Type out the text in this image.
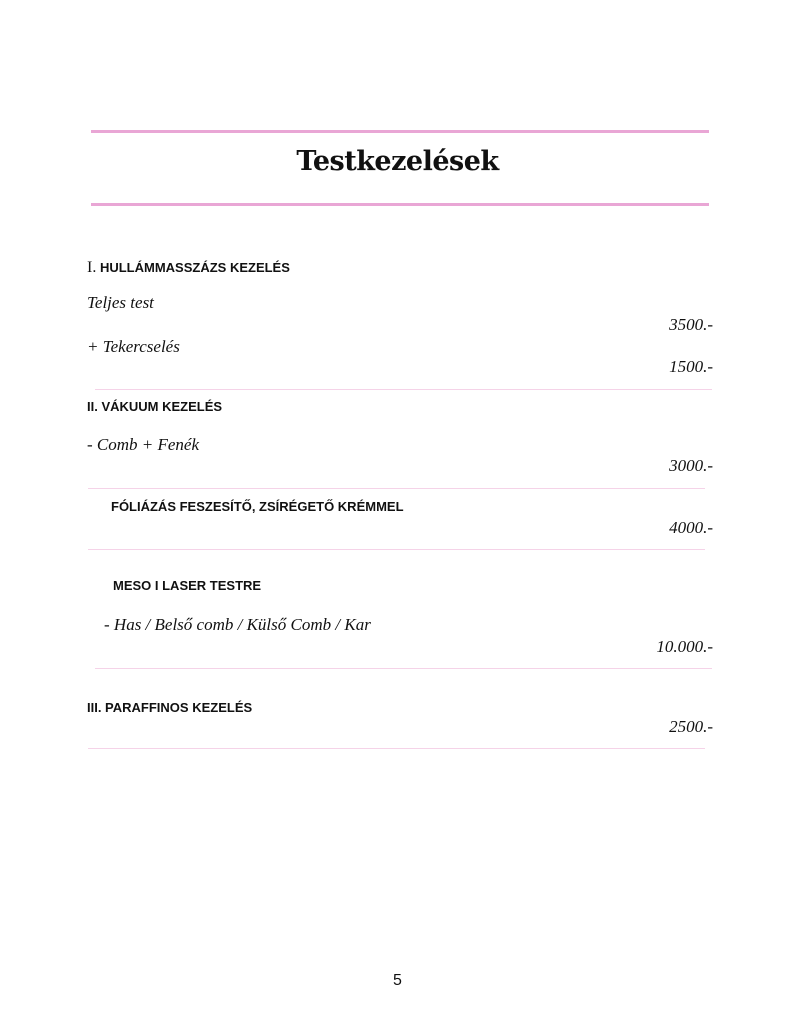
Testkezelések
I. HULLÁMMASSZÁZS KEZELÉS
Teljes test
3500.-
+ Tekercselés
1500.-
II. VÁKUUM KEZELÉS
- Comb + Fenék
3000.-
FÓLIÁZÁS FESZESÍTŐ, ZSÍRÉGETŐ KRÉMMEL
4000.-
MESO I LASER TESTRE
- Has / Belső comb / Külső Comb / Kar
10.000.-
III. PARAFFINOS KEZELÉS
2500.-
5
